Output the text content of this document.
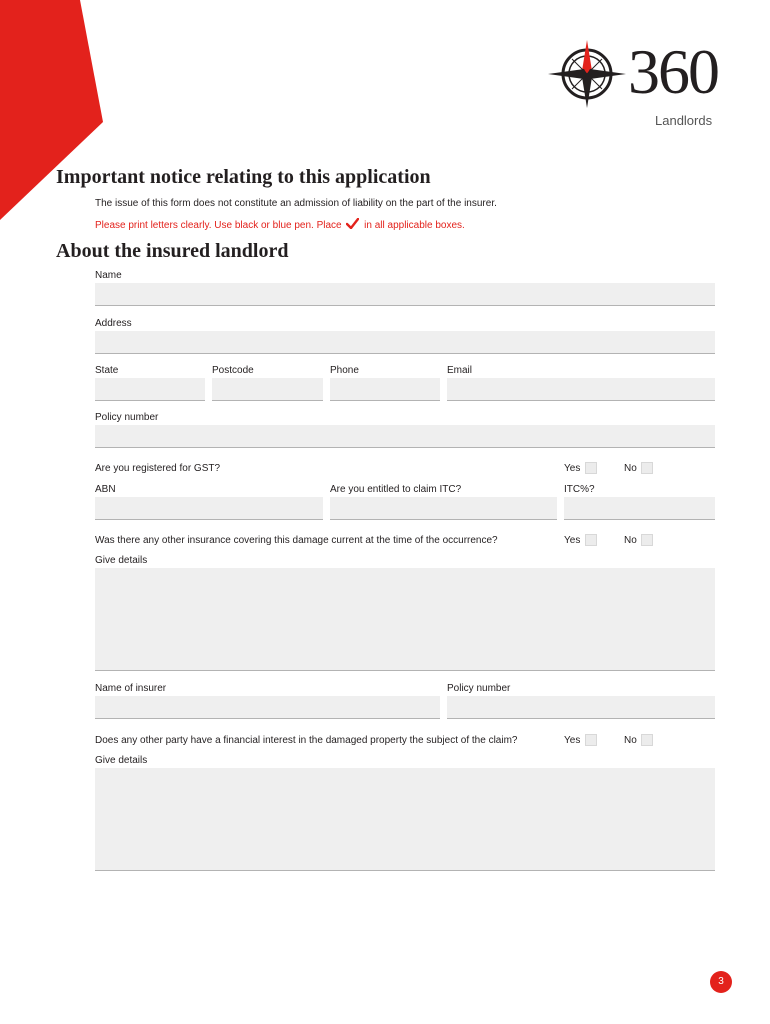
360
Landlords
Important notice relating to this application
The issue of this form does not constitute an admission of liability on the part of the insurer.
Please print letters clearly. Use black or blue pen. Place in all applicable boxes.
About the insured landlord
Name
Address
State	Postcode	Phone	Email
Policy number
Are you registered for GST?	Yes	No
ABN	Are you entitled to claim ITC?	ITC%?
Was there any other insurance covering this damage current at the time of the occurrence?	Yes	No
Give details
Name of insurer	Policy number
Does any other party have a financial interest in the damaged property the subject of the claim?	Yes	No
Give details
3
